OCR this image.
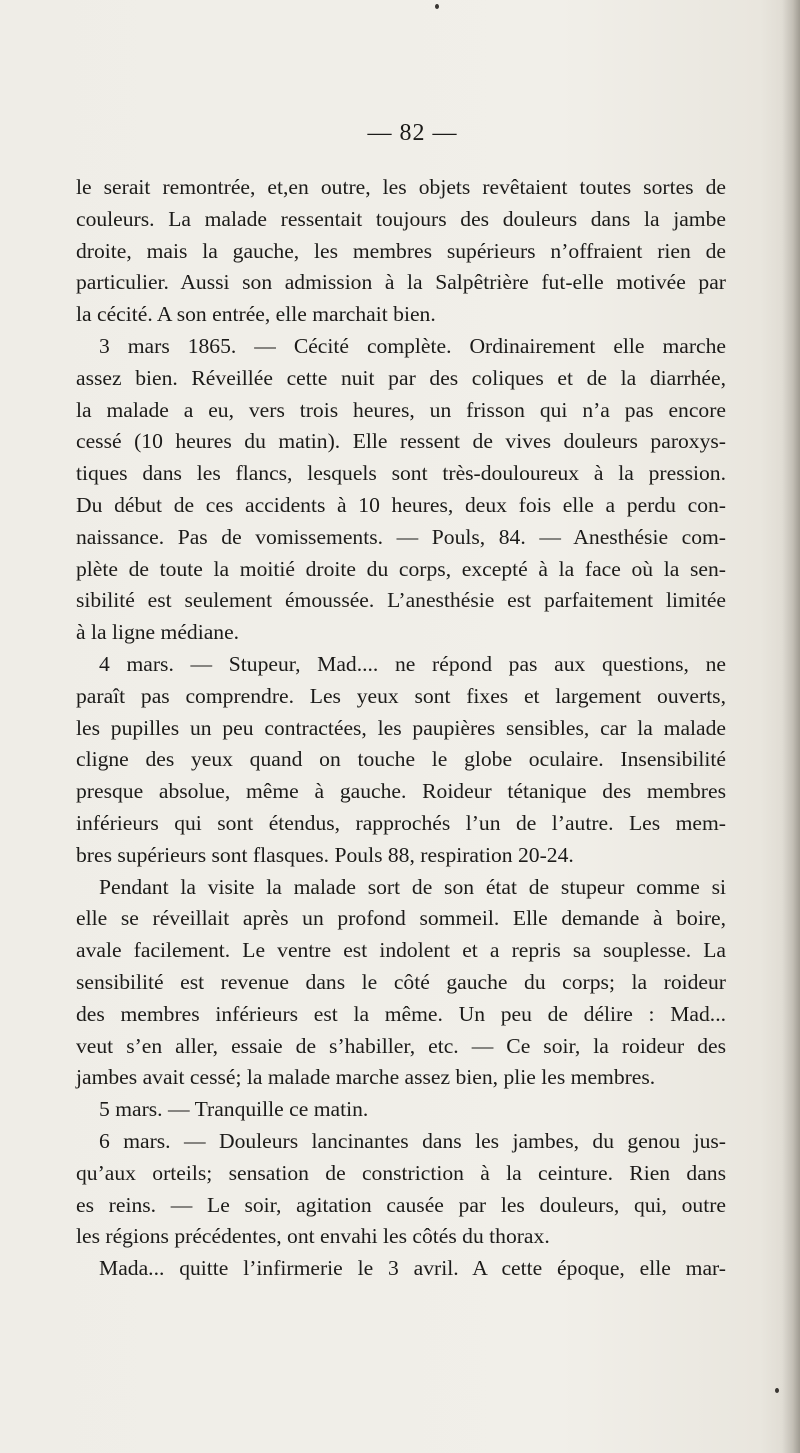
— 82 —

le serait remontrée, et,en outre, les objets revêtaient toutes sortes de

couleurs. La malade ressentait toujours des douleurs dans la jambe

droite, mais la gauche, les membres supérieurs n’offraient rien de

particulier. Aussi son admission à la Salpêtrière fut-elle motivée par

la cécité. A son entrée, elle marchait bien.

3 mars 1865. — Cécité complète. Ordinairement elle marche

assez bien. Réveillée cette nuit par des coliques et de la diarrhée,

la malade a eu, vers trois heures, un frisson qui n’a pas encore

cessé (10 heures du matin). Elle ressent de vives douleurs paroxys-

tiques dans les flancs, lesquels sont très-douloureux à la pression.

Du début de ces accidents à 10 heures, deux fois elle a perdu con-

naissance. Pas de vomissements. — Pouls, 84. — Anesthésie com-

plète de toute la moitié droite du corps, excepté à la face où la sen-

sibilité est seulement émoussée. L’anesthésie est parfaitement limitée

à la ligne médiane.

4 mars. — Stupeur, Mad.... ne répond pas aux questions, ne

paraît pas comprendre. Les yeux sont fixes et largement ouverts,

les pupilles un peu contractées, les paupières sensibles, car la malade

cligne des yeux quand on touche le globe oculaire. Insensibilité

presque absolue, même à gauche. Roideur tétanique des membres

inférieurs qui sont étendus, rapprochés l’un de l’autre. Les mem-

bres supérieurs sont flasques. Pouls 88, respiration 20-24.

Pendant la visite la malade sort de son état de stupeur comme si

elle se réveillait après un profond sommeil. Elle demande à boire,

avale facilement. Le ventre est indolent et a repris sa souplesse. La

sensibilité est revenue dans le côté gauche du corps; la roideur

des membres inférieurs est la même. Un peu de délire : Mad...

veut s’en aller, essaie de s’habiller, etc. — Ce soir, la roideur des

jambes avait cessé; la malade marche assez bien, plie les membres.

5 mars. — Tranquille ce matin.

6 mars. — Douleurs lancinantes dans les jambes, du genou jus-

qu’aux orteils; sensation de constriction à la ceinture. Rien dans

es reins. — Le soir, agitation causée par les douleurs, qui, outre

les régions précédentes, ont envahi les côtés du thorax.

Mada... quitte l’infirmerie le 3 avril. A cette époque, elle mar-
